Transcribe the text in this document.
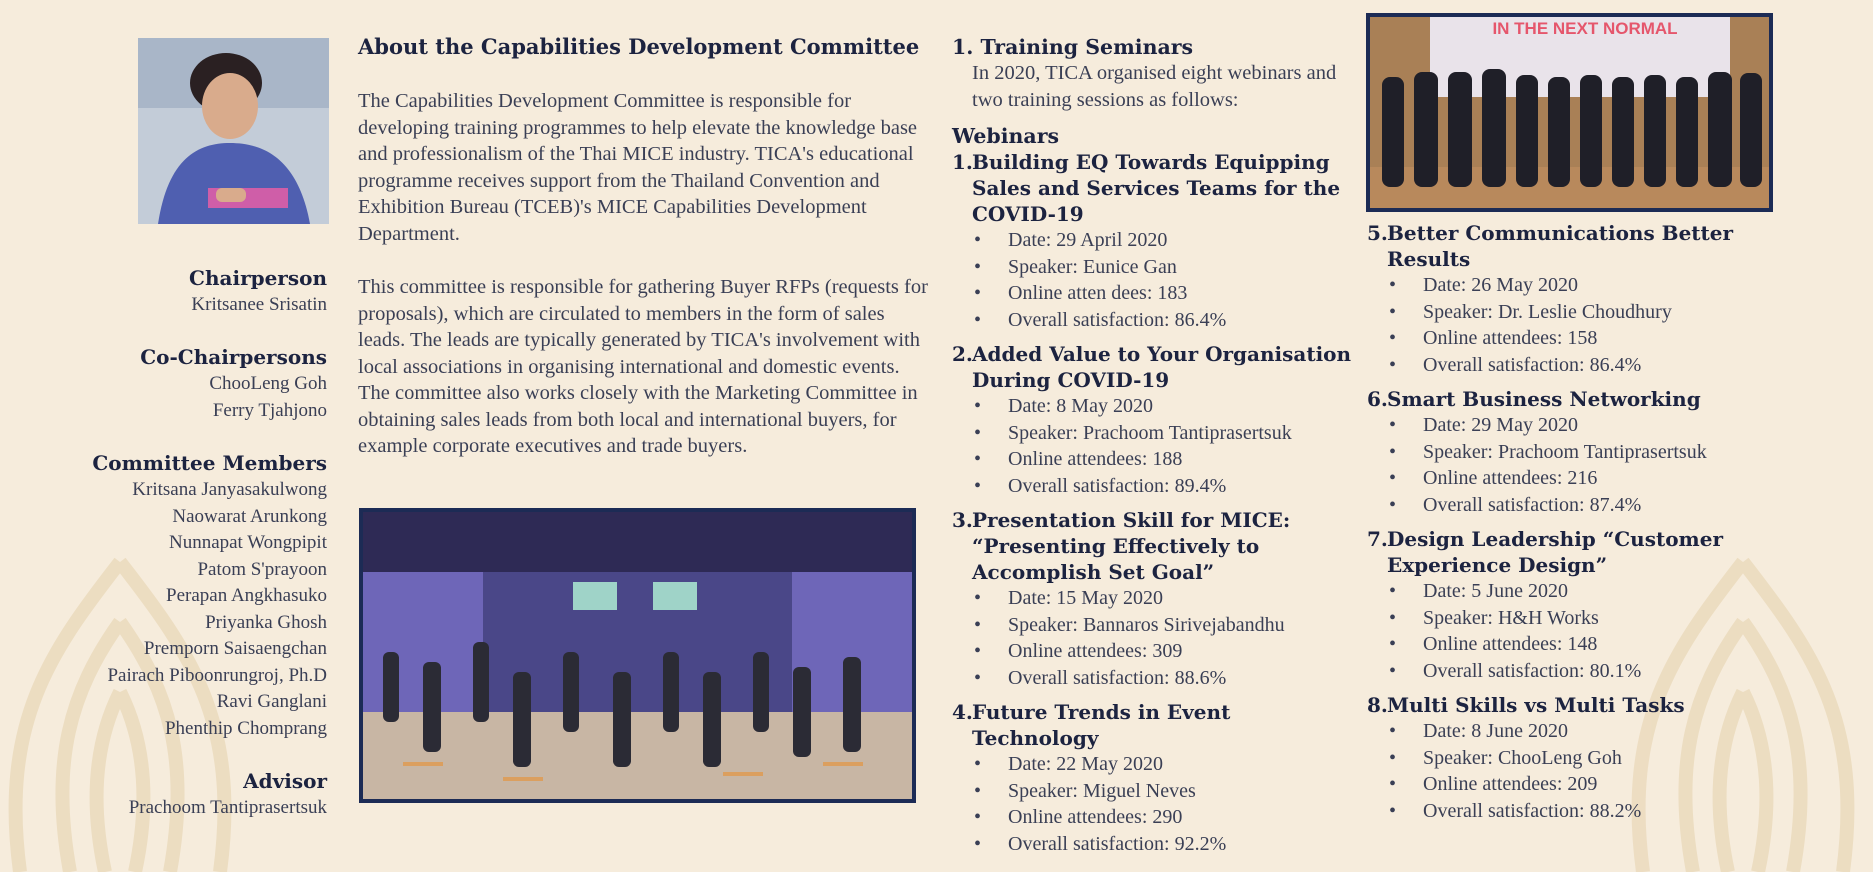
Chairperson

Kritsanee Srisatin

Co-Chairpersons

ChooLeng Goh

Ferry Tjahjono

Committee Members

Kritsana Janyasakulwong

Naowarat Arunkong

Nunnapat Wongpipit

Patom S'prayoon

Perapan Angkhasuko

Priyanka Ghosh

Premporn Saisaengchan

Pairach Piboonrungroj, Ph.D

Ravi Ganglani

Phenthip Chomprang

Advisor

Prachoom Tantiprasertsuk

About the Capabilities Development Committee

The Capabilities Development Committee is responsible for developing training programmes to help elevate the knowledge base and professionalism of the Thai MICE industry. TICA's educational programme receives support from the Thailand Convention and Exhibition Bureau (TCEB)'s MICE Capabilities Development Department.

This committee is responsible for gathering Buyer RFPs (requests for proposals), which are circulated to members in the form of sales leads. The leads are typically generated by TICA's involvement with local associations in organising international and domestic events. The committee also works closely with the Marketing Committee in obtaining sales leads from both local and international buyers, for example corporate executives and trade buyers.

IN THE NEXT NORMAL

1. Training Seminars

In 2020, TICA organised eight webinars and two training sessions as follows:

Webinars

1. Building EQ Towards Equipping Sales and Services Teams for the COVID-19

• Date: 29 April 2020
• Speaker: Eunice Gan
• Online atten dees: 183
• Overall satisfaction: 86.4%

2. Added Value to Your Organisation During COVID-19

• Date: 8 May 2020
• Speaker: Prachoom Tantiprasertsuk
• Online attendees: 188
• Overall satisfaction: 89.4%

3. Presentation Skill for MICE: “Presenting Effectively to Accomplish Set Goal”

• Date: 15 May 2020
• Speaker: Bannaros Sirivejabandhu
• Online attendees: 309
• Overall satisfaction: 88.6%

4. Future Trends in Event Technology

• Date: 22 May 2020
• Speaker: Miguel Neves
• Online attendees: 290
• Overall satisfaction: 92.2%

5. Better Communications Better Results

• Date: 26 May 2020
• Speaker: Dr. Leslie Choudhury
• Online attendees: 158
• Overall satisfaction: 86.4%

6. Smart Business Networking

• Date: 29 May 2020
• Speaker: Prachoom Tantiprasertsuk
• Online attendees: 216
• Overall satisfaction: 87.4%

7. Design Leadership “Customer Experience Design”

• Date: 5 June 2020
• Speaker: H&H Works
• Online attendees: 148
• Overall satisfaction: 80.1%

8. Multi Skills vs Multi Tasks

• Date: 8 June 2020
• Speaker: ChooLeng Goh
• Online attendees: 209
• Overall satisfaction: 88.2%
